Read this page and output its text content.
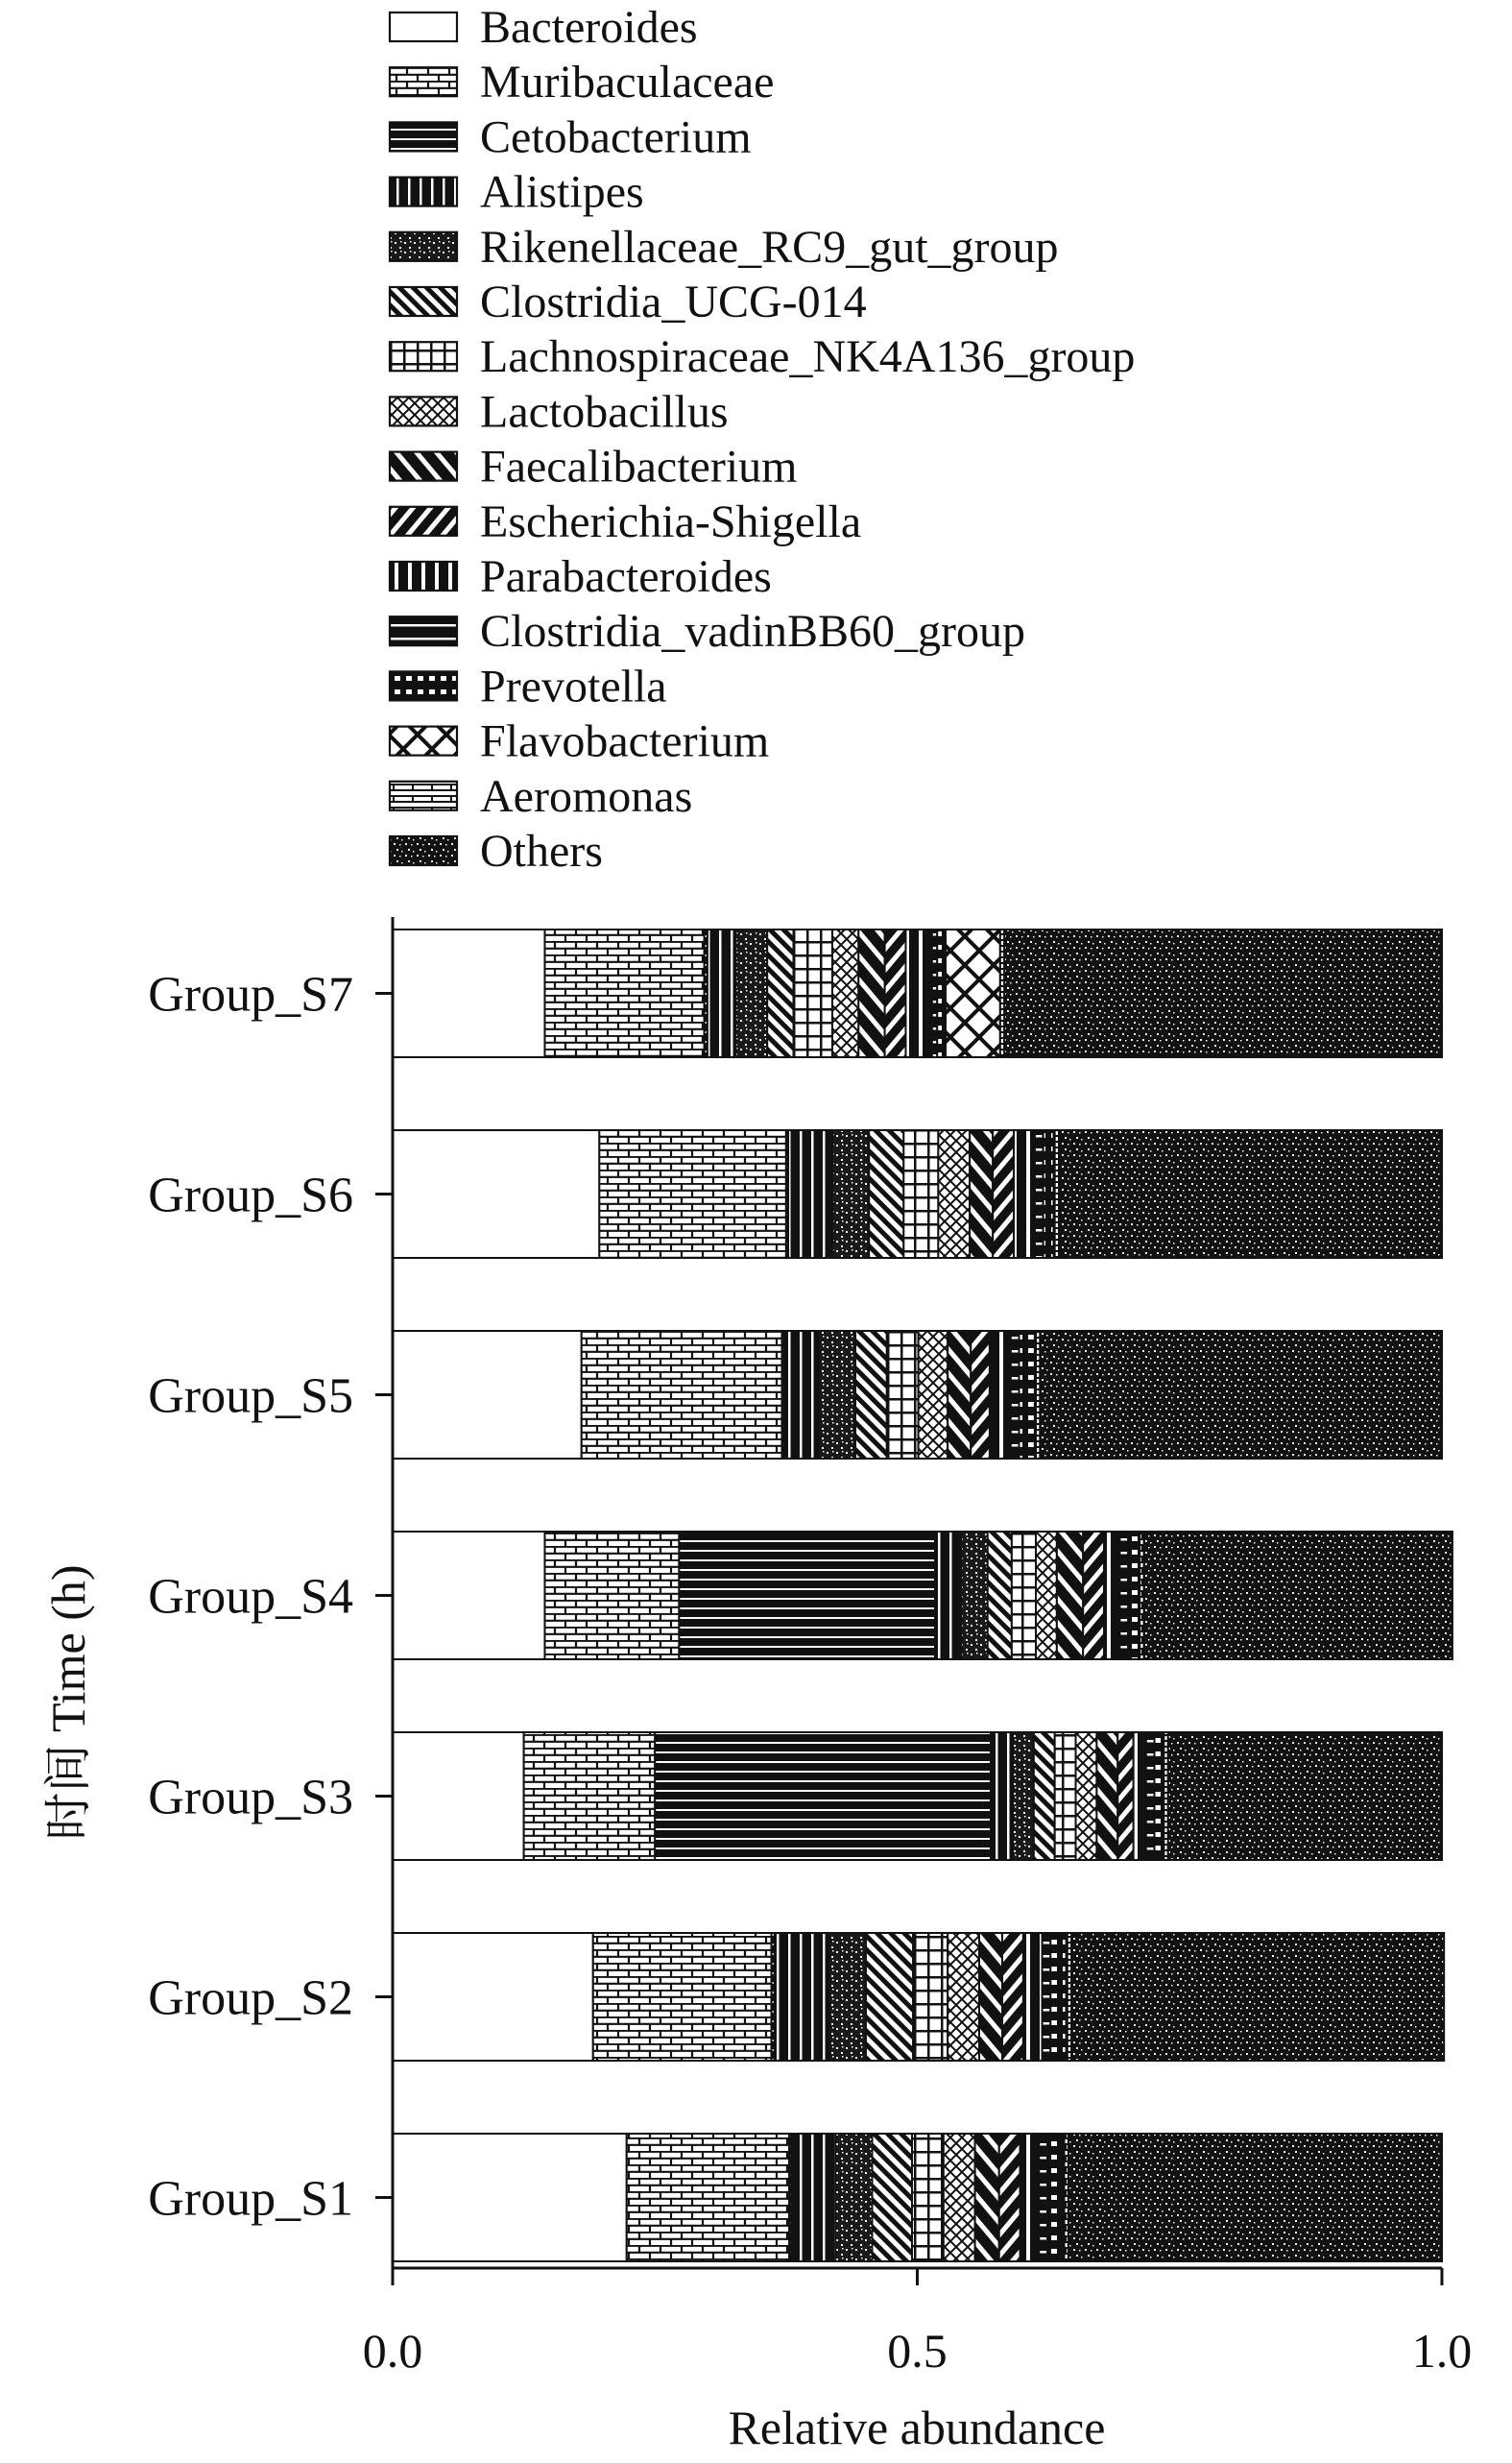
Bacteroides
Muribaculaceae
Cetobacterium
Alistipes
Rikenellaceae_RC9_gut_group
Clostridia_UCG-014
Lachnospiraceae_NK4A136_group
Lactobacillus
Faecalibacterium
Escherichia-Shigella
Parabacteroides
Clostridia_vadinBB60_group
Prevotella
Flavobacterium
Aeromonas
Others
Group_S7
Group_S6
Group_S5
Group_S4
Group_S3
Group_S2
Group_S1
0.0	0.5	1.0
Relative abundance
时间 Time (h)
